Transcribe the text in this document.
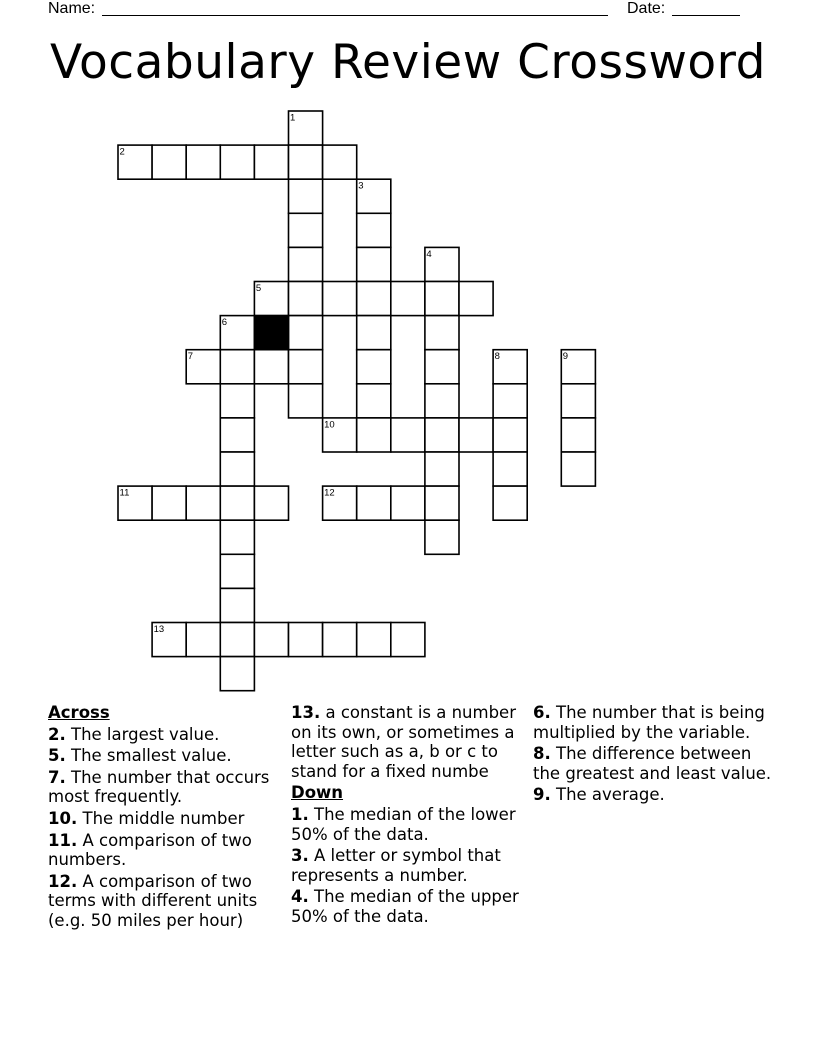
Name:	Date:
Vocabulary Review Crossword
1
2
3
4
5
6
7	8	9
10
11	12
13
Across
2. The largest value.
5. The smallest value.
7. The number that occurs most frequently.
10. The middle number
11. A comparison of two numbers.
12. A comparison of two terms with different units (e.g. 50 miles per hour)
13. a constant is a number on its own, or sometimes a letter such as a, b or c to stand for a fixed numbe
Down
1. The median of the lower 50% of the data.
3. A letter or symbol that represents a number.
4. The median of the upper 50% of the data.
6. The number that is being multiplied by the variable.
8. The difference between the greatest and least value.
9. The average.
